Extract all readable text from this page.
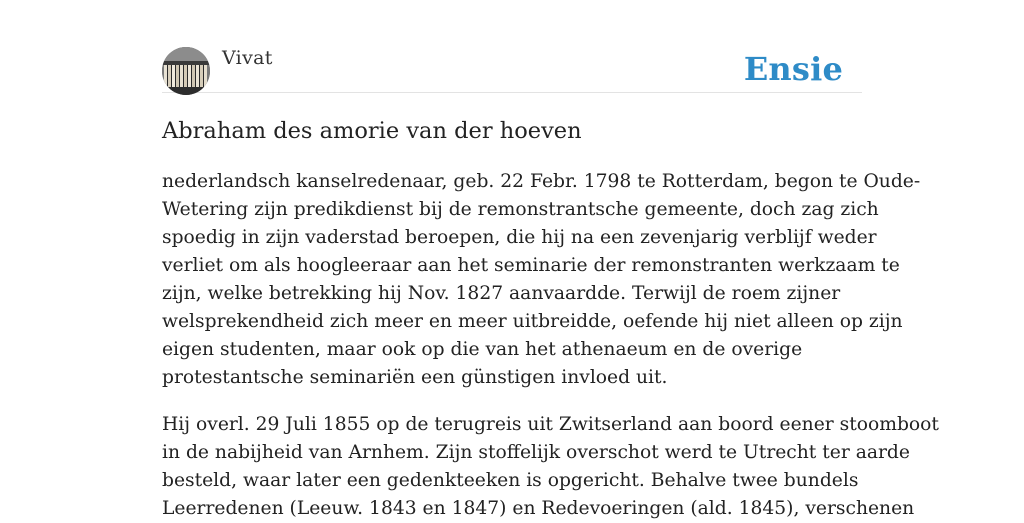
Vivat	Ensie
Abraham des amorie van der hoeven

nederlandsch kanselredenaar, geb. 22 Febr. 1798 te Rotterdam, begon te Oude-
Wetering zijn predikdienst bij de remonstrantsche gemeente, doch zag zich
spoedig in zijn vaderstad beroepen, die hij na een zevenjarig verblijf weder
verliet om als hoogleeraar aan het seminarie der remonstranten werkzaam te
zijn, welke betrekking hij Nov. 1827 aanvaardde. Terwijl de roem zijner
welsprekendheid zich meer en meer uitbreidde, oefende hij niet alleen op zijn
eigen studenten, maar ook op die van het athenaeum en de overige
protestantsche seminariën een günstigen invloed uit.

Hij overl. 29 Juli 1855 op de terugreis uit Zwitserland aan boord eener stoomboot
in de nabijheid van Arnhem. Zijn stoffelijk overschot werd te Utrecht ter aarde
besteld, waar later een gedenkteeken is opgericht. Behalve twee bundels
Leerredenen (Leeuw. 1843 en 1847) en Redevoeringen (ald. 1845), verschenen
